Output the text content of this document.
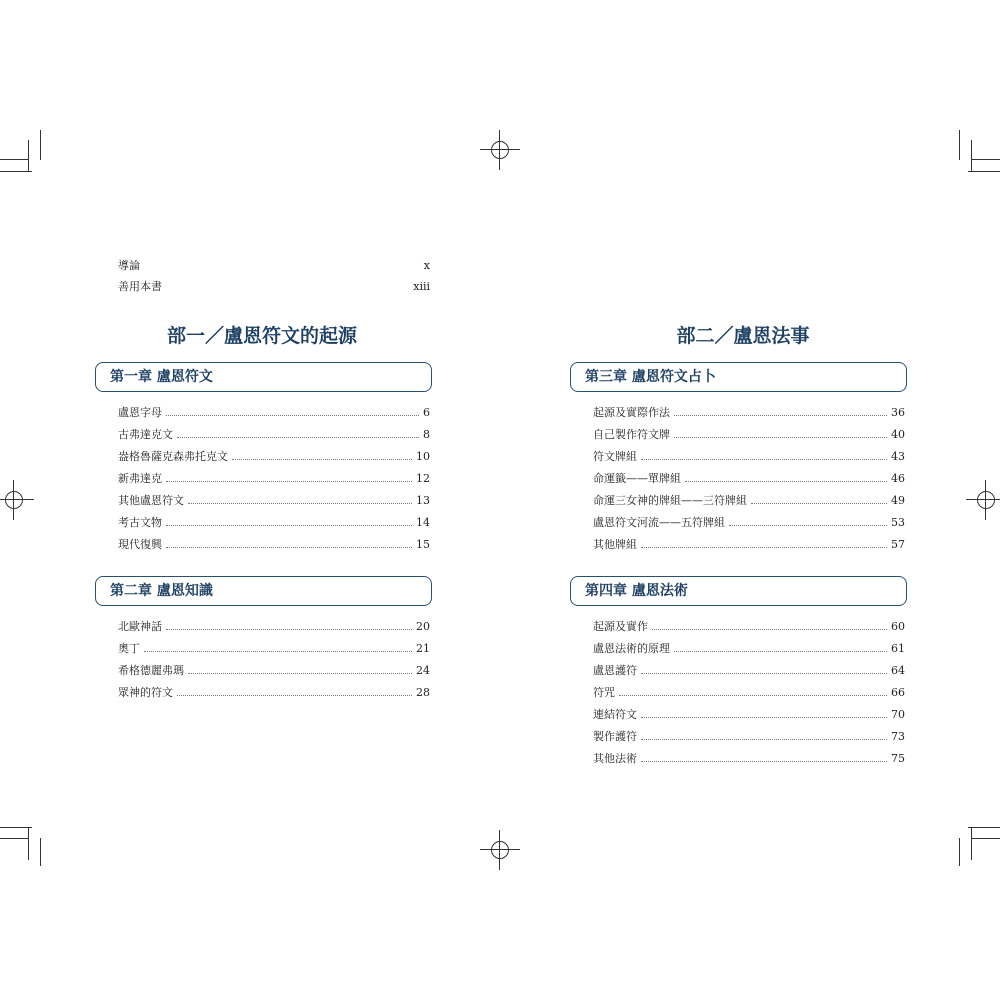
導論	x
善用本書	xiii
部一／盧恩符文的起源
第一章 盧恩符文
盧恩字母	6
古弗達克文	8
盎格魯薩克森弗托克文	10
新弗達克	12
其他盧恩符文	13
考古文物	14
現代復興	15
第二章 盧恩知識
北歐神話	20
奧丁	21
希格德麗弗瑪	24
眾神的符文	28
部二／盧恩法事
第三章 盧恩符文占卜
起源及實際作法	36
自己製作符文牌	40
符文牌組	43
命運籤——單牌組	46
命運三女神的牌組——三符牌組	49
盧恩符文河流——五符牌組	53
其他牌組	57
第四章 盧恩法術
起源及實作	60
盧恩法術的原理	61
盧恩護符	64
符咒	66
連結符文	70
製作護符	73
其他法術	75
